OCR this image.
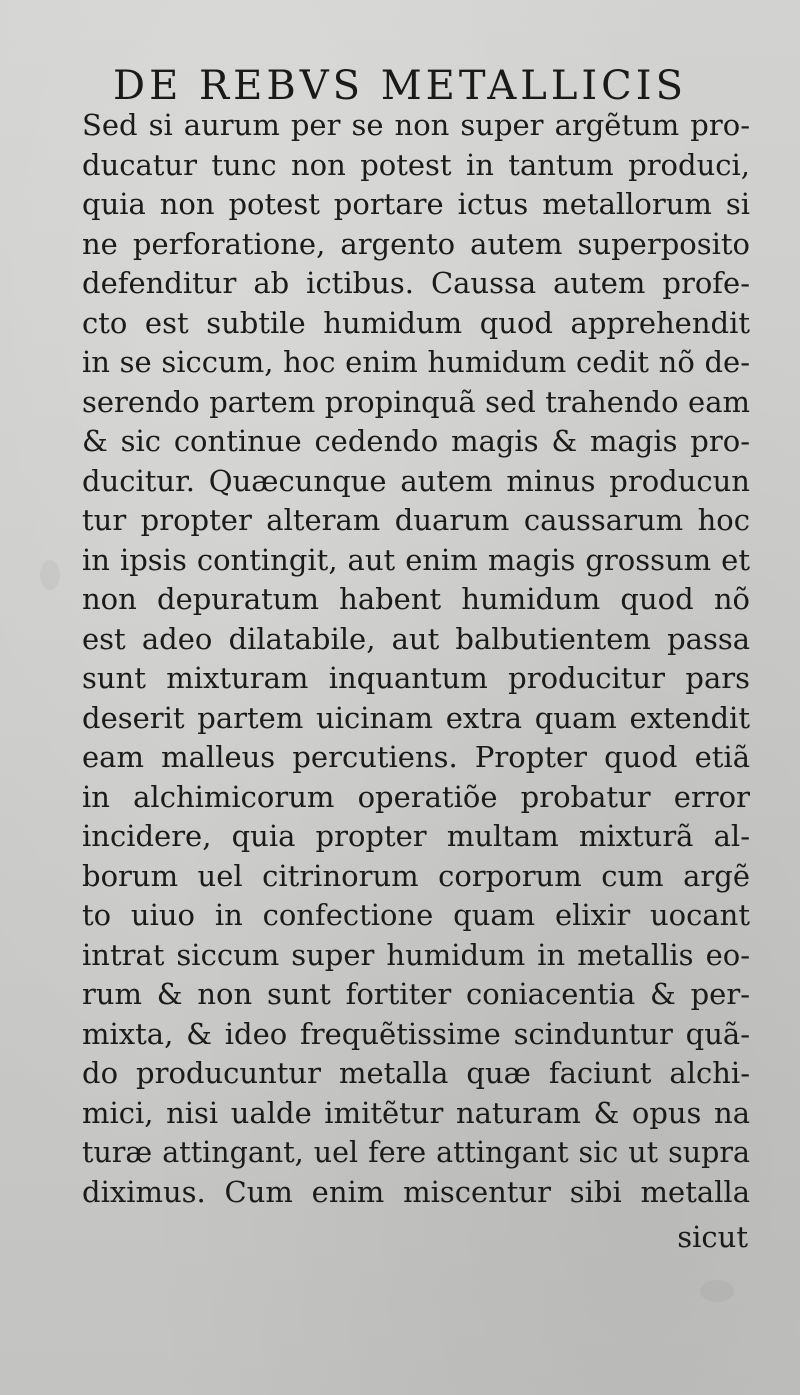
DE REBVS METALLICIS
Sed si aurum per se non super argẽtum pro-
ducatur tunc non potest in tantum produci,
quia non potest portare ictus metallorum si
ne perforatione, argento autem superposito
defenditur ab ictibus. Caussa autem profe-
cto est subtile humidum quod apprehendit
in se siccum, hoc enim humidum cedit nõ de-
serendo partem propinquã sed trahendo eam
& sic continue cedendo magis & magis pro-
ducitur. Quæcunque autem minus producun
tur propter alteram duarum caussarum hoc
in ipsis contingit, aut enim magis grossum et
non depuratum habent humidum quod nõ
est adeo dilatabile, aut balbutientem passa
sunt mixturam inquantum producitur pars
deserit partem uicinam extra quam extendit
eam malleus percutiens. Propter quod etiã
in alchimicorum operatiõe probatur error
incidere, quia propter multam mixturã al-
borum uel citrinorum corporum cum argẽ
to uiuo in confectione quam elixir uocant
intrat siccum super humidum in metallis eo-
rum & non sunt fortiter coniacentia & per-
mixta, & ideo frequẽtissime scinduntur quã-
do producuntur metalla quæ faciunt alchi-
mici, nisi ualde imitẽtur naturam & opus na
turæ attingant, uel fere attingant sic ut supra
diximus. Cum enim miscentur sibi metalla
sicut
